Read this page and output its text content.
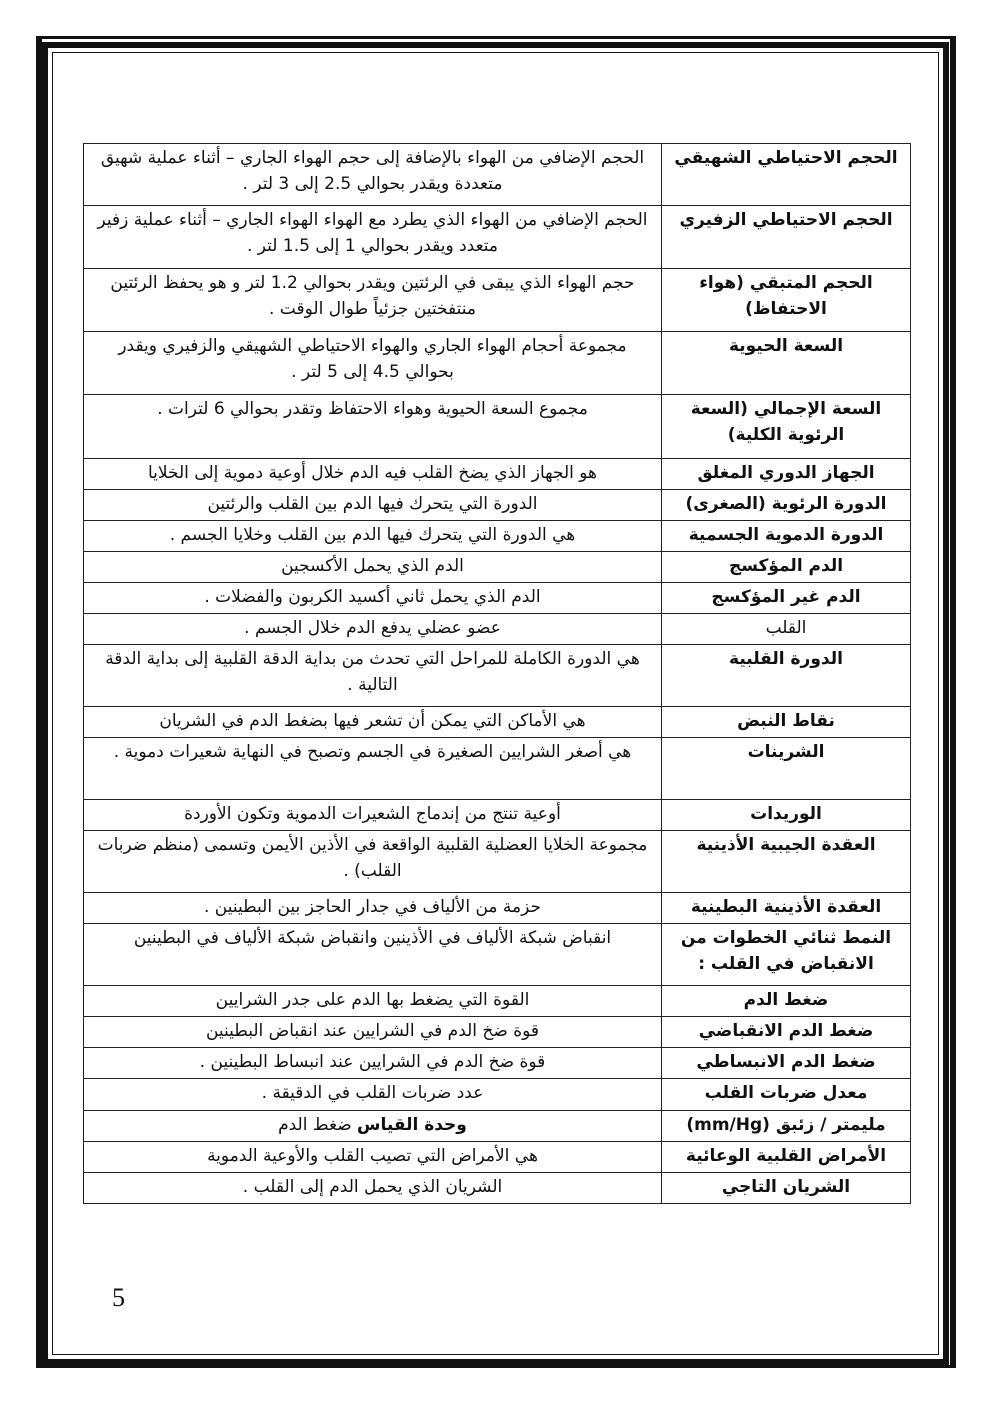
الحجم الاحتياطي الشهيقي	الحجم الإضافي من الهواء بالإضافة إلى حجم الهواء الجاري – أثناء عملية شهيق متعددة ويقدر بحوالي 2.5 إلى 3 لتر .
الحجم الاحتياطي الزفيري	الحجم الإضافي من الهواء الذي يطرد مع الهواء الهواء الجاري – أثناء عملية زفير متعدد ويقدر بحوالي 1 إلى 1.5 لتر .
الحجم المتبقي (هواء الاحتفاظ)	حجم الهواء الذي يبقى في الرئتين ويقدر بحوالي 1.2 لتر و هو يحفظ الرئتين منتفختين جزئياً طوال الوقت .
السعة الحيوية	مجموعة أحجام الهواء الجاري والهواء الاحتياطي الشهيقي والزفيري ويقدر بحوالي 4.5 إلى 5 لتر .
السعة الإجمالي (السعة الرئوية الكلية)	مجموع السعة الحيوية وهواء الاحتفاظ وتقدر بحوالي 6 لترات .
الجهاز الدوري المغلق	هو الجهاز الذي يضخ القلب فيه الدم خلال أوعية دموية إلى الخلايا
الدورة الرئوية (الصغرى)	الدورة التي يتحرك فيها الدم بين القلب والرئتين
الدورة الدموية الجسمية	هي الدورة التي يتحرك فيها الدم بين القلب وخلايا الجسم .
الدم المؤكسج	الدم الذي يحمل الأكسجين
الدم غير المؤكسج	الدم الذي يحمل ثاني أكسيد الكربون والفضلات .
القلب	عضو عضلي يدفع الدم خلال الجسم .
الدورة القلبية	هي الدورة الكاملة للمراحل التي تحدث من بداية الدقة القلبية إلى بداية الدقة التالية .
نقاط النبض	هي الأماكن التي يمكن أن تشعر فيها بضغط الدم في الشريان
الشرينات	هي أصغر الشرايين الصغيرة في الجسم وتصبح في النهاية شعيرات دموية .
الوريدات	أوعية تنتج من إندماج الشعيرات الدموية وتكون الأوردة
العقدة الجيبية الأذينية	مجموعة الخلايا العضلية القلبية الواقعة في الأذين الأيمن وتسمى (منظم ضربات القلب) .
العقدة الأذينية البطينية	حزمة من الألياف في جدار الحاجز بين البطينين .
النمط ثنائي الخطوات من الانقباض في القلب :	انقباض شبكة الألياف في الأذينين وانقباض شبكة الألياف في البطينين
ضغط الدم	القوة التي يضغط بها الدم على جدر الشرايين
ضغط الدم الانقباضي	قوة ضخ الدم في الشرايين عند انقباض البطينين
ضغط الدم الانبساطي	قوة ضخ الدم في الشرايين عند انبساط البطينين .
معدل ضربات القلب	عدد ضربات القلب في الدقيقة .
مليمتر / زئبق (mm/Hg)	وحدة القياس ضغط الدم
الأمراض القلبية الوعائية	هي الأمراض التي تصيب القلب والأوعية الدموية
الشريان التاجي	الشريان الذي يحمل الدم إلى القلب .
5
